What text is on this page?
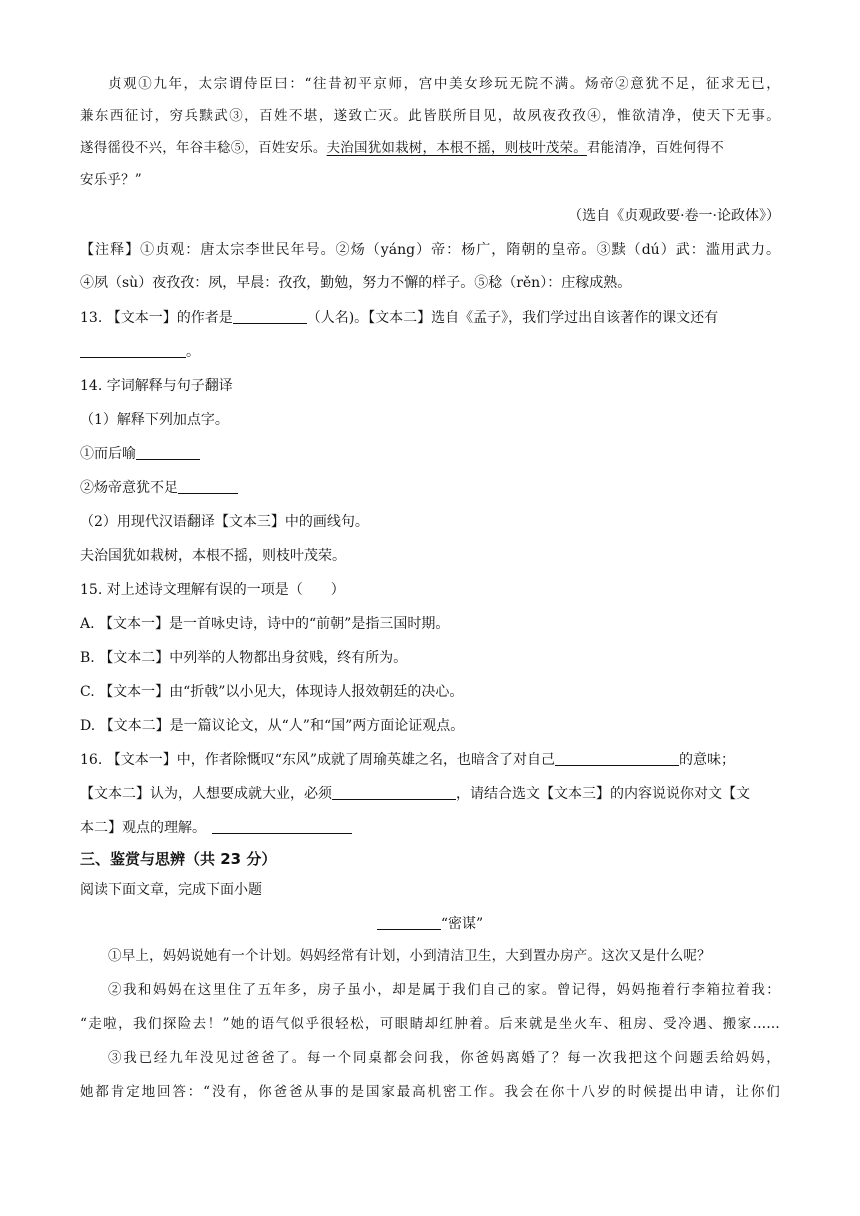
贞观①九年，太宗谓侍臣曰：“往昔初平京师，宫中美女珍玩无院不满。炀帝②意犹不足，征求无已，
兼东西征讨，穷兵黩武③，百姓不堪，遂致亡灭。此皆朕所目见，故夙夜孜孜④，惟欲清净，使天下无事。
遂得徭役不兴，年谷丰稔⑤，百姓安乐。夫治国犹如栽树，本根不摇，则枝叶茂荣。君能清净，百姓何得不
安乐乎？”
（选自《贞观政要·卷一·论政体》）
【注释】①贞观：唐太宗李世民年号。②炀（yáng）帝：杨广，隋朝的皇帝。③黩（dú）武：滥用武力。
④夙（sù）夜孜孜：夙，早晨：孜孜，勤勉，努力不懈的样子。⑤稔（rěn）：庄稼成熟。
13. 【文本一】的作者是	（人名)。【文本二】选自《孟子》，我们学过出自该著作的课文还有
。
14. 字词解释与句子翻译
（1）解释下列加点字。
①而后喻
②炀帝意犹不足
（2）用现代汉语翻译【文本三】中的画线句。
夫治国犹如栽树，本根不摇，则枝叶茂荣。
15. 对上述诗文理解有误的一项是（　　）
A. 【文本一】是一首咏史诗，诗中的“前朝”是指三国时期。
B. 【文本二】中列举的人物都出身贫贱，终有所为。
C. 【文本一】由“折戟”以小见大，体现诗人报效朝廷的决心。
D. 【文本二】是一篇议论文，从“人”和“国”两方面论证观点。
16. 【文本一】中，作者除慨叹“东风”成就了周瑜英雄之名，也暗含了对自己	的意味；
【文本二】认为，人想要成就大业，必须	，请结合选文【文本三】的内容说说你对文【文
本二】观点的理解。
三、鉴赏与思辨（共 23 分）
阅读下面文章，完成下面小题
“密谋”
①早上，妈妈说她有一个计划。妈妈经常有计划，小到清洁卫生，大到置办房产。这次又是什么呢？
②我和妈妈在这里住了五年多，房子虽小，却是属于我们自己的家。曾记得，妈妈拖着行李箱拉着我：
“走啦，我们探险去！”她的语气似乎很轻松，可眼睛却红肿着。后来就是坐火车、租房、受冷遇、搬家……
③我已经九年没见过爸爸了。每一个同桌都会问我，你爸妈离婚了？每一次我把这个问题丢给妈妈，
她都肯定地回答：“没有，你爸爸从事的是国家最高机密工作。我会在你十八岁的时候提出申请，让你们
